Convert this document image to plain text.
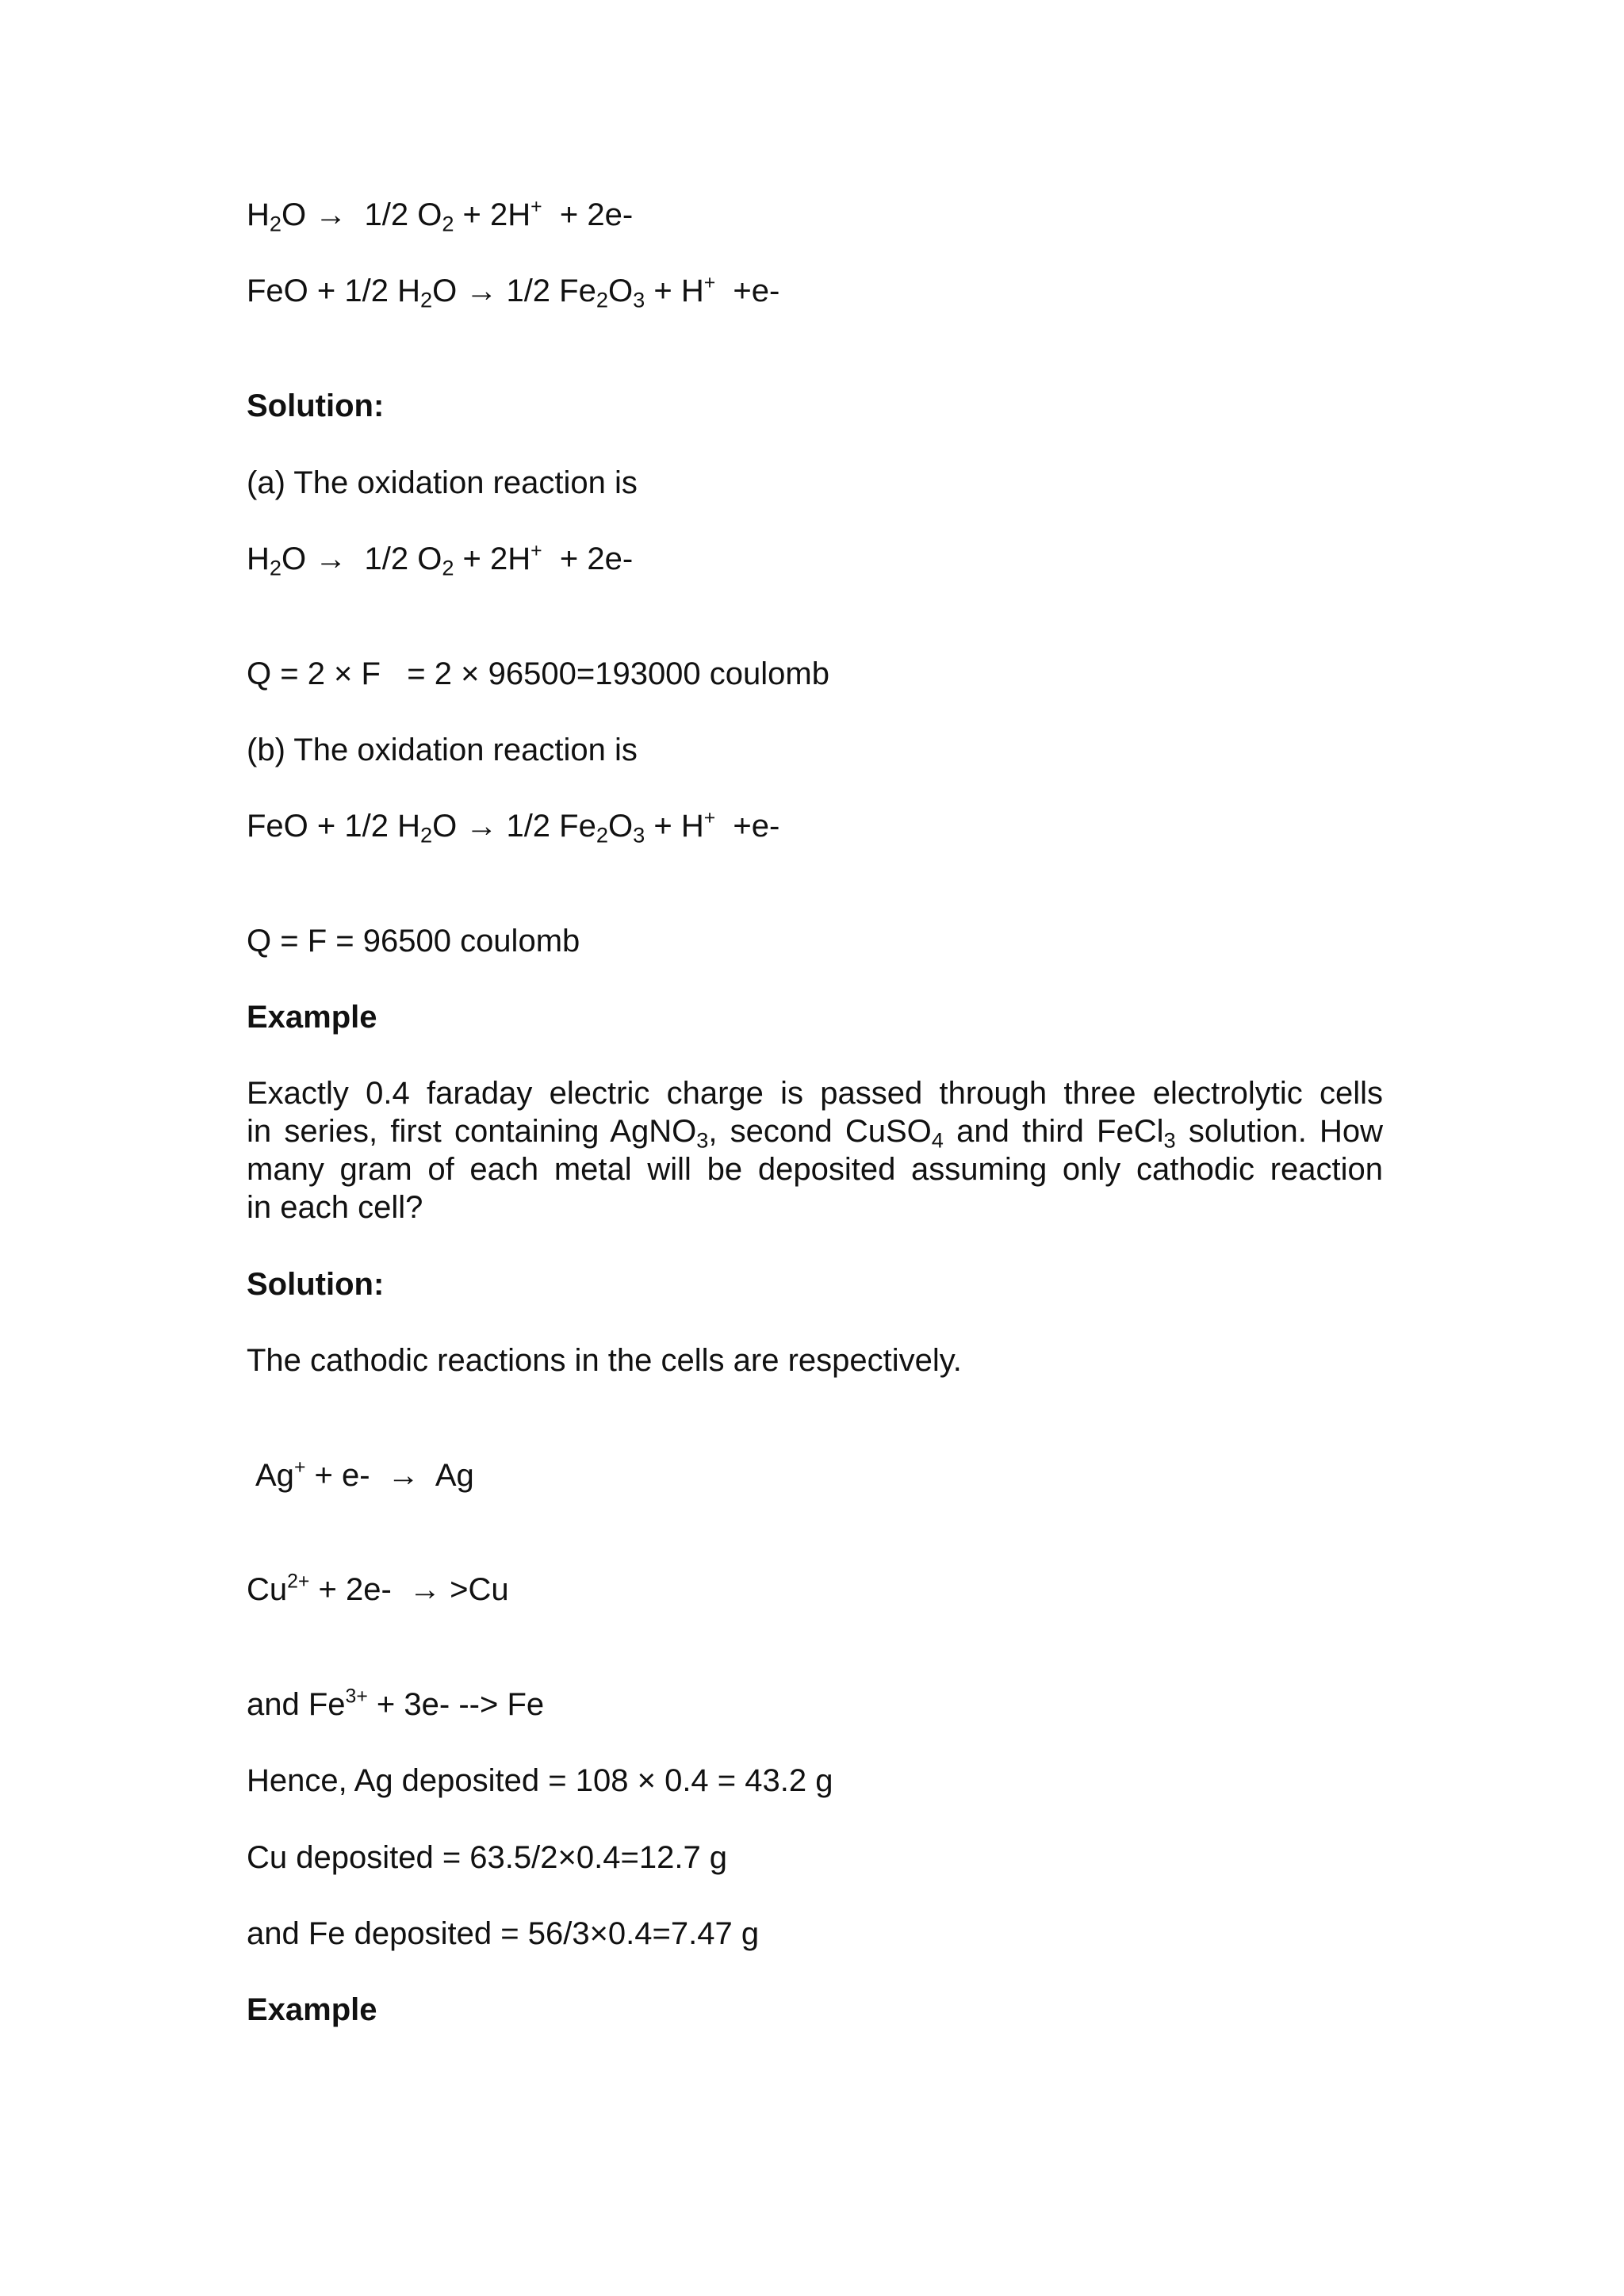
$H_2O \to 1/2$ $O_2 + 2H^+ + 2e-$
FeO + 1/2 $H_2O \to 1/2$ $Fe_2O_3 + H^+ +e-$
Solution:
(a) The oxidation reaction is
$H_2O \to 1/2$ $O_2 + 2H^+ + 2e-$
Q = 2 × F   = 2 × 96500=193000 coulomb
(b) The oxidation reaction is
FeO + 1/2 $H_2O \to 1/2$ $Fe_2O_3 + H^+ +e-$
Q = F = 96500 coulomb
Example
Exactly 0.4 faraday electric charge is passed through three electrolytic cells
in series, first containing AgNO$_3$, second CuSO$_4$ and third FeCl$_3$ solution. How
many gram of each metal will be deposited assuming only cathodic reaction
in each cell?
Solution:
The cathodic reactions in the cells are respectively.
Ag+ + e-  →  Ag
$Cu^{2+} + 2e- \to >Cu$
and $Fe^{3+} + 3e-$ --> Fe
Hence, Ag deposited = 108 × 0.4 = 43.2 g
Cu deposited = 63.5/2×0.4=12.7 g
and Fe deposited = 56/3×0.4=7.47 g
Example
